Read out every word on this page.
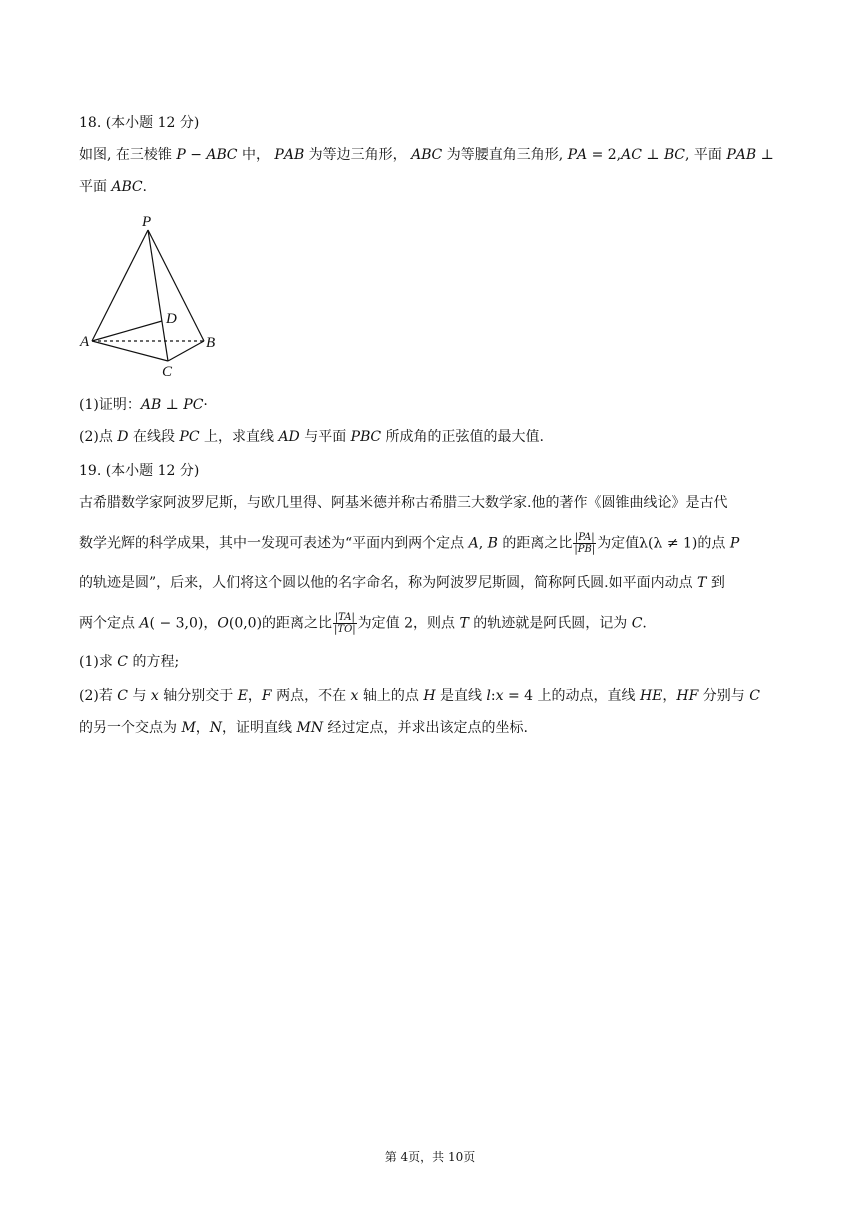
18. (本小题 12 分)
如图, 在三棱锥 𝑃 − 𝐴𝐵𝐶 中， 𝑃𝐴𝐵 为等边三角形， 𝐴𝐵𝐶 为等腰直角三角形, 𝑃𝐴 = 2,𝐴𝐶 ⊥ 𝐵𝐶, 平面 𝑃𝐴𝐵 ⊥
平面 𝐴𝐵𝐶.
P
A	B
C
D
(1)证明：𝐴𝐵 ⊥ 𝑃𝐶·
(2)点 𝐷 在线段 𝑃𝐶 上，求直线 𝐴𝐷 与平面 𝑃𝐵𝐶 所成角的正弦值的最大值.
19. (本小题 12 分)
古希腊数学家阿波罗尼斯，与欧几里得、阿基米德并称古希腊三大数学家.他的著作《圆锥曲线论》是古代
数学光辉的科学成果，其中一发现可表述为“平面内到两个定点 𝐴, 𝐵 的距离之比 $\frac{|PA|}{|PB|}$ 为定值λ(λ ≠ 1)的点 𝑃
的轨迹是圆”，后来，人们将这个圆以他的名字命名，称为阿波罗尼斯圆，简称阿氏圆.如平面内动点 𝑇 到
两个定点 𝐴( − 3,0)，𝑂(0,0)的距离之比 $\frac{|TA|}{|TO|}$ 为定值 2，则点 𝑇 的轨迹就是阿氏圆，记为 𝐶.
(1)求 𝐶 的方程;
(2)若 𝐶 与 𝑥 轴分别交于 𝐸，𝐹 两点，不在 𝑥 轴上的点 𝐻 是直线 𝑙:𝑥 = 4 上的动点，直线 𝐻𝐸，𝐻𝐹 分别与 𝐶
的另一个交点为 𝑀，𝑁，证明直线 𝑀𝑁 经过定点，并求出该定点的坐标.
第 4页，共 10页
